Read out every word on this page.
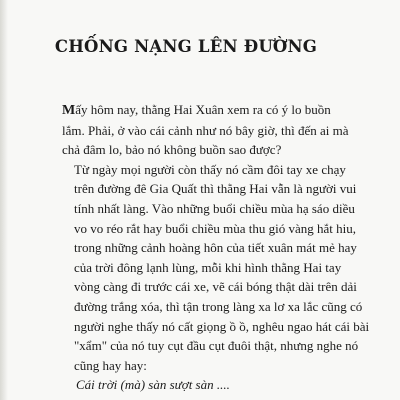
CHỐNG NẠNG LÊN ĐƯỜNG

Mấy hôm nay, thằng Hai Xuân xem ra có ý lo buồn
lắm. Phải, ở vào cái cảnh như nó bây giờ, thì đến ai mà
chả đâm lo, bảo nó không buồn sao được?

Từ ngày mọi người còn thấy nó cầm đôi tay xe chạy
trên đường đê Gia Quất thì thằng Hai vẫn là người vui
tính nhất làng. Vào những buổi chiều mùa hạ sáo diều
vo vo réo rắt hay buổi chiều mùa thu gió vàng hắt hiu,
trong những cảnh hoàng hôn của tiết xuân mát mẻ hay
của trời đông lạnh lùng, mỗi khi hình thằng Hai tay
vòng càng đi trước cái xe, vẽ cái bóng thật dài trên dải
đường trắng xóa, thì tận trong làng xa lơ xa lắc cũng có
người nghe thấy nó cất giọng ồ ồ, nghêu ngao hát cái bài
"xẩm" của nó tuy cụt đầu cụt đuôi thật, nhưng nghe nó
cũng hay hay:

Cái trời (mà) sàn sượt sàn ....
